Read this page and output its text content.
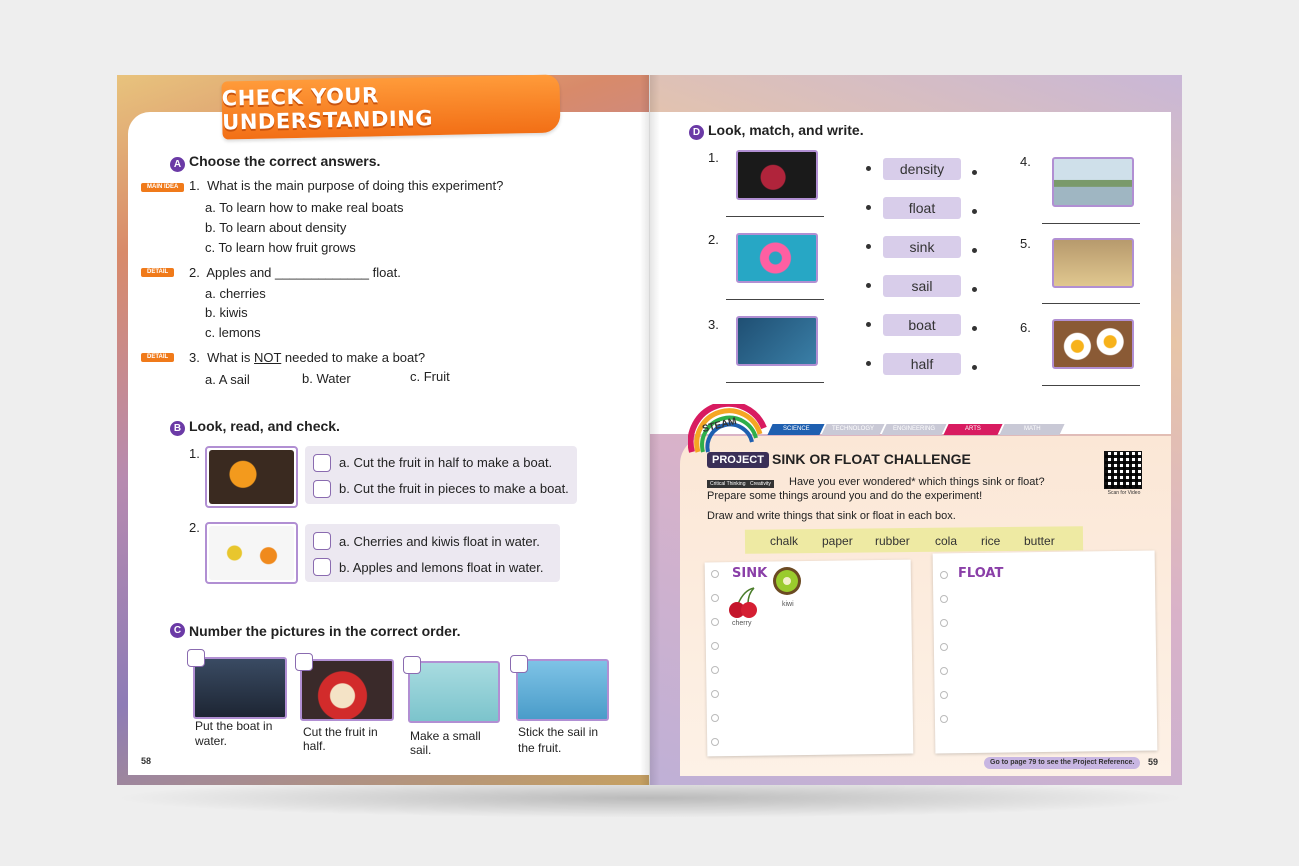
CHECK YOUR UNDERSTANDING
A Choose the correct answers.
MAIN IDEA 1. What is the main purpose of doing this experiment?
a. To learn how to make real boats
b. To learn about density
c. To learn how fruit grows
DETAIL	2. Apples and _____________ float.
a. cherries
b. kiwis
c. lemons
DETAIL	3. What is NOT needed to make a boat?
a. A sail	b. Water	c. Fruit
B Look, read, and check.
1.
a. Cut the fruit in half to make a boat.
b. Cut the fruit in pieces to make a boat.
2.
a. Cherries and kiwis float in water.
b. Apples and lemons float in water.
C Number the pictures in the correct order.
Put the boat in
water.
Cut the fruit in
half.
Make a small
sail.
Stick the sail in
the fruit.
58
D Look, match, and write.
1.
2.
3.
density
float
sink
sail
boat
half
4.
5.
6.
STEAM	SCIENCE	TECHNOLOGY	ENGINEERING	ARTS	MATH
PROJECT SINK OR FLOAT CHALLENGE
Critical Thinking Creativity Have you ever wondered* which things sink or float?
Prepare some things around you and do the experiment!
Draw and write things that sink or float in each box.
Scan for Video
chalk paper rubber cola rice butter
SINK
cherry
kiwi
FLOAT
Go to page 79 to see the Project Reference.	59
